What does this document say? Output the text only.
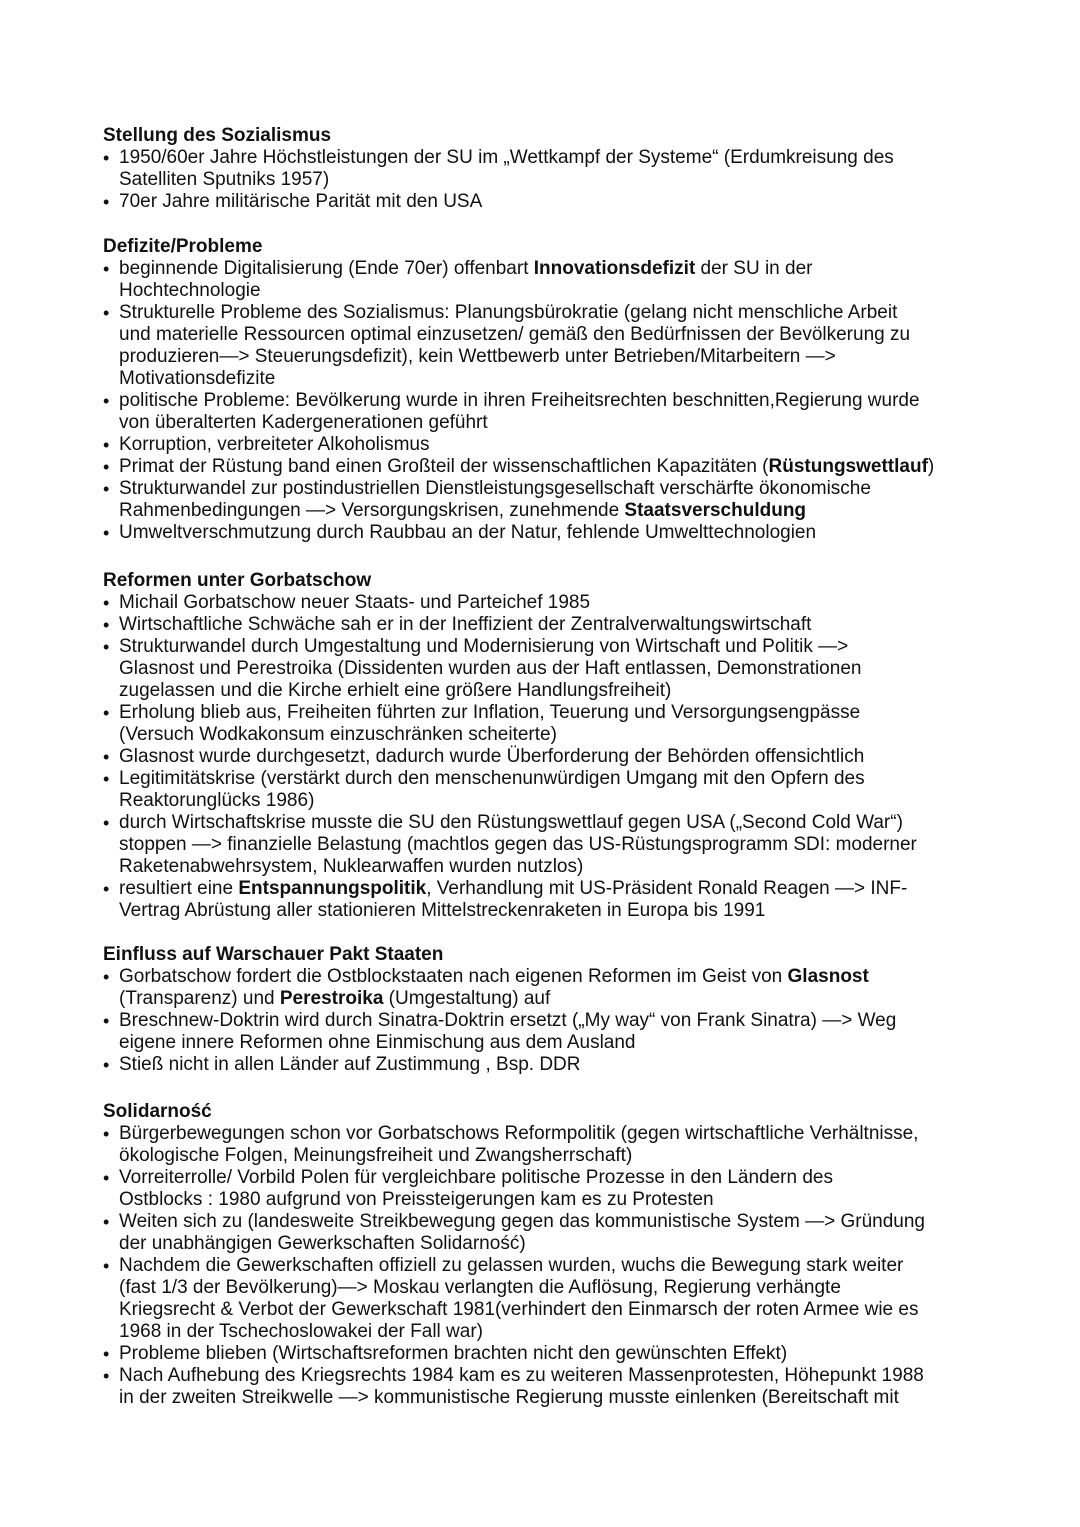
Stellung des Sozialismus
• 1950/60er Jahre Höchstleistungen der SU im „Wettkampf der Systeme“ (Erdumkreisung des
Satelliten Sputniks 1957)
• 70er Jahre militärische Parität mit den USA
Defizite/Probleme
• beginnende Digitalisierung (Ende 70er) offenbart Innovationsdefizit der SU in der
Hochtechnologie
• Strukturelle Probleme des Sozialismus: Planungsbürokratie (gelang nicht menschliche Arbeit
und materielle Ressourcen optimal einzusetzen/ gemäß den Bedürfnissen der Bevölkerung zu
produzieren—> Steuerungsdefizit), kein Wettbewerb unter Betrieben/Mitarbeitern —>
Motivationsdefizite
• politische Probleme: Bevölkerung wurde in ihren Freiheitsrechten beschnitten,Regierung wurde
von überalterten Kadergenerationen geführt
• Korruption, verbreiteter Alkoholismus
• Primat der Rüstung band einen Großteil der wissenschaftlichen Kapazitäten (Rüstungswettlauf)
• Strukturwandel zur postindustriellen Dienstleistungsgesellschaft verschärfte ökonomische
Rahmenbedingungen —> Versorgungskrisen, zunehmende Staatsverschuldung
• Umweltverschmutzung durch Raubbau an der Natur, fehlende Umwelttechnologien
Reformen unter Gorbatschow
• Michail Gorbatschow neuer Staats- und Parteichef 1985
• Wirtschaftliche Schwäche sah er in der Ineffizient der Zentralverwaltungswirtschaft
• Strukturwandel durch Umgestaltung und Modernisierung von Wirtschaft und Politik —>
Glasnost und Perestroika (Dissidenten wurden aus der Haft entlassen, Demonstrationen
zugelassen und die Kirche erhielt eine größere Handlungsfreiheit)
• Erholung blieb aus, Freiheiten führten zur Inflation, Teuerung und Versorgungsengpässe
(Versuch Wodkakonsum einzuschränken scheiterte)
• Glasnost wurde durchgesetzt, dadurch wurde Überforderung der Behörden offensichtlich
• Legitimitätskrise (verstärkt durch den menschenunwürdigen Umgang mit den Opfern des
Reaktorunglücks 1986)
• durch Wirtschaftskrise musste die SU den Rüstungswettlauf gegen USA („Second Cold War“)
stoppen —> finanzielle Belastung (machtlos gegen das US-Rüstungsprogramm SDI: moderner
Raketenabwehrsystem, Nuklearwaffen wurden nutzlos)
• resultiert eine Entspannungspolitik, Verhandlung mit US-Präsident Ronald Reagen —> INF-
Vertrag Abrüstung aller stationieren Mittelstreckenraketen in Europa bis 1991
Einfluss auf Warschauer Pakt Staaten
• Gorbatschow fordert die Ostblockstaaten nach eigenen Reformen im Geist von Glasnost
(Transparenz) und Perestroika (Umgestaltung) auf
• Breschnew-Doktrin wird durch Sinatra-Doktrin ersetzt („My way“ von Frank Sinatra) —> Weg
eigene innere Reformen ohne Einmischung aus dem Ausland
• Stieß nicht in allen Länder auf Zustimmung , Bsp. DDR
Solidarność
• Bürgerbewegungen schon vor Gorbatschows Reformpolitik (gegen wirtschaftliche Verhältnisse,
ökologische Folgen, Meinungsfreiheit und Zwangsherrschaft)
• Vorreiterrolle/ Vorbild Polen für vergleichbare politische Prozesse in den Ländern des
Ostblocks : 1980 aufgrund von Preissteigerungen kam es zu Protesten
• Weiten sich zu (landesweite Streikbewegung gegen das kommunistische System —> Gründung
der unabhängigen Gewerkschaften Solidarność)
• Nachdem die Gewerkschaften offiziell zu gelassen wurden, wuchs die Bewegung stark weiter
(fast 1/3 der Bevölkerung)—> Moskau verlangten die Auflösung, Regierung verhängte
Kriegsrecht & Verbot der Gewerkschaft 1981(verhindert den Einmarsch der roten Armee wie es
1968 in der Tschechoslowakei der Fall war)
• Probleme blieben (Wirtschaftsreformen brachten nicht den gewünschten Effekt)
• Nach Aufhebung des Kriegsrechts 1984 kam es zu weiteren Massenprotesten, Höhepunkt 1988
in der zweiten Streikwelle —> kommunistische Regierung musste einlenken (Bereitschaft mit
